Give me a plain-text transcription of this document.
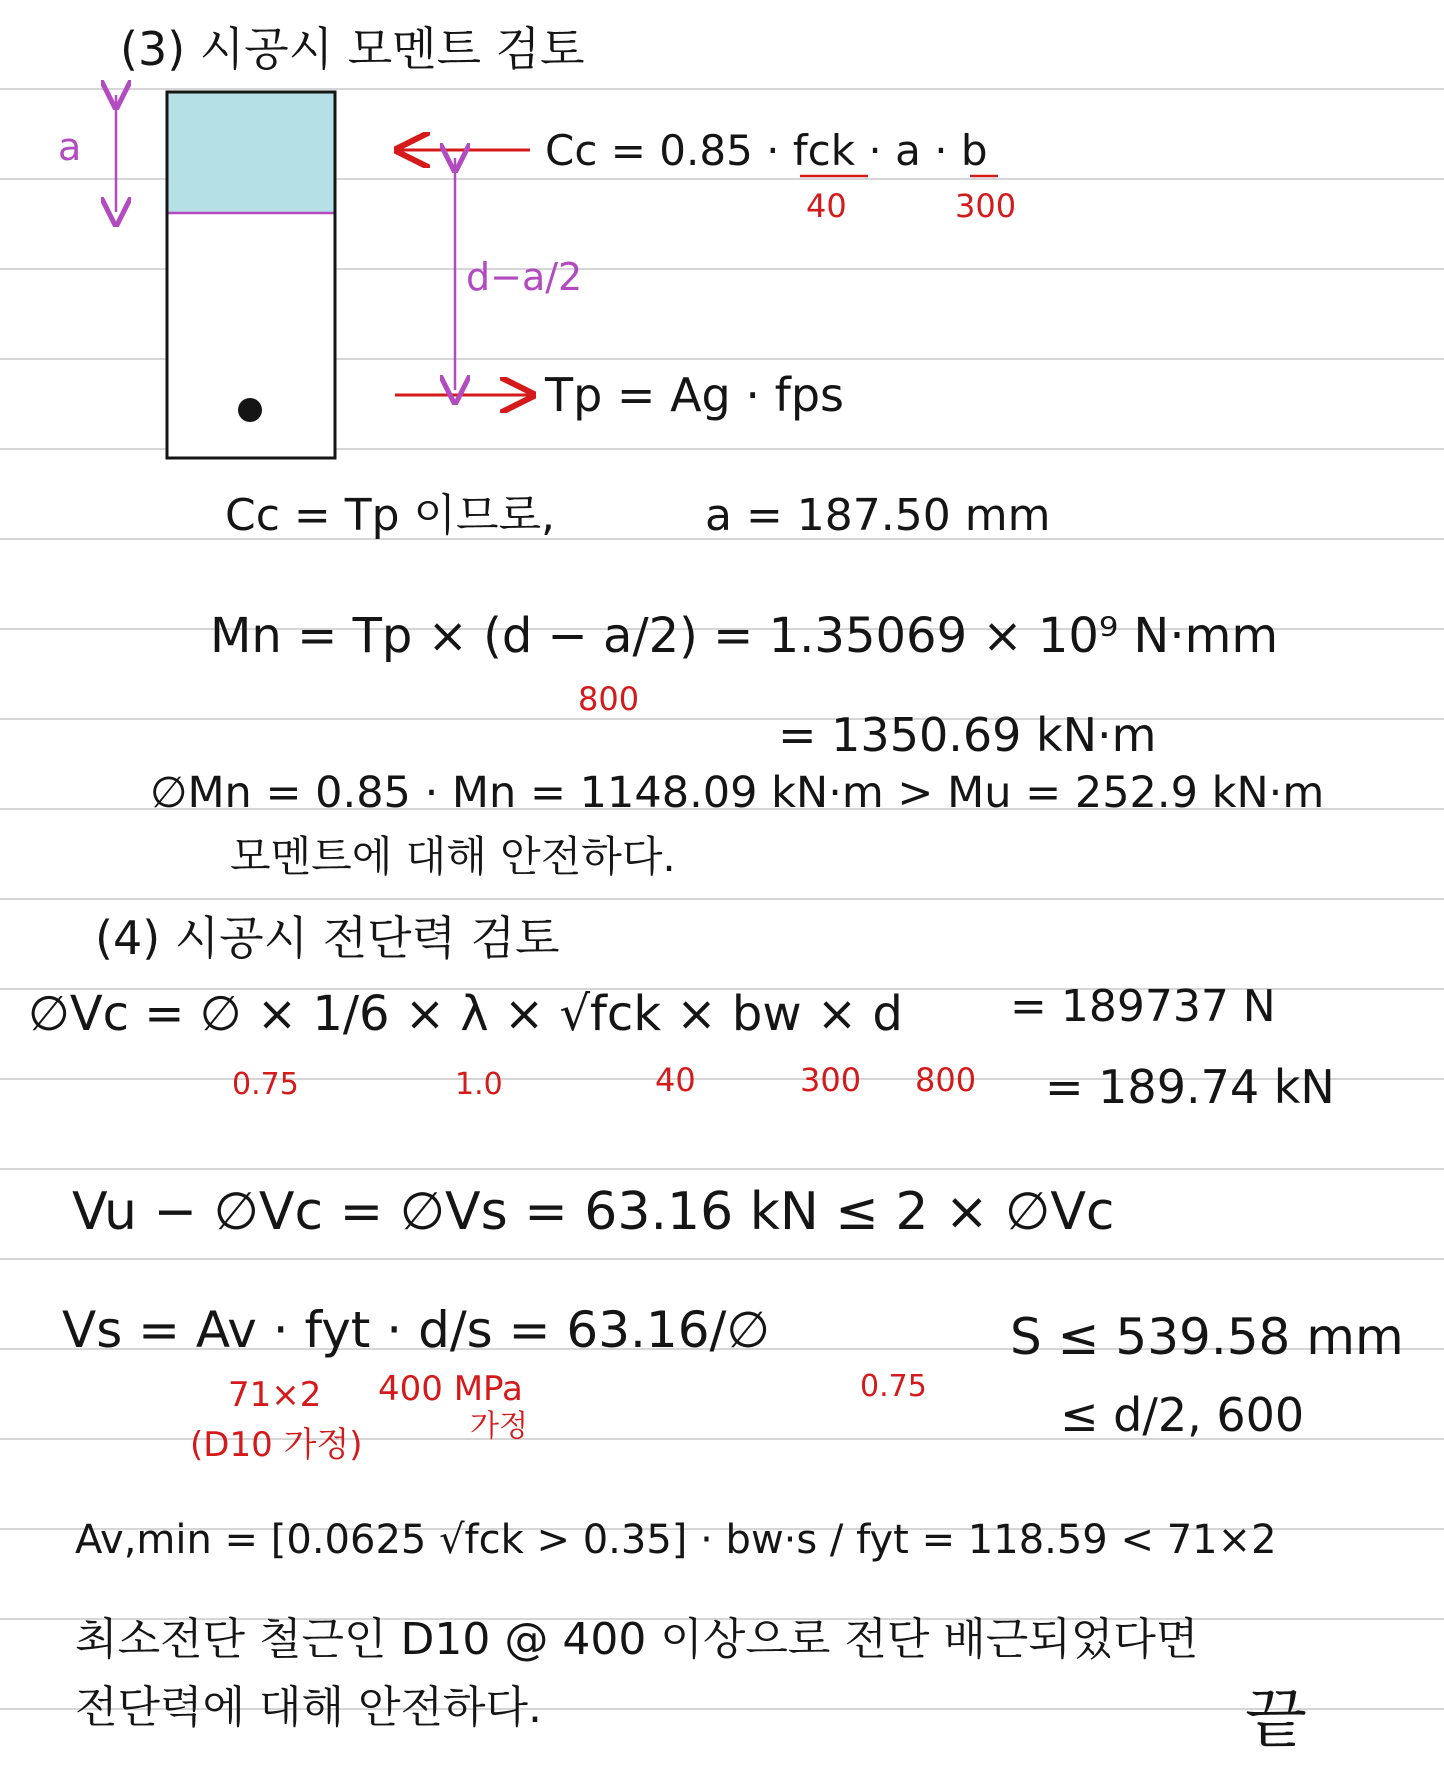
(3) 시공시 모멘트 검토
a
d−a/2
Cc = 0.85 · fck · a · b
40	300
Tp = Ag · fps
Cc = Tp 이므로,	a = 187.50 mm
Mn = Tp × (d − a/2) = 1.35069 × 10⁹ N·mm
800
= 1350.69 kN·m
∅Mn = 0.85 · Mn = 1148.09 kN·m > Mu = 252.9 kN·m
모멘트에 대해 안전하다.
(4) 시공시 전단력 검토
∅Vc = ∅ × 1/6 × λ × √fck × bw × d = 189737 N
= 189.74 kN
0.75	1.0	40	300 800
Vu − ∅Vc = ∅Vs = 63.16 kN ≤ 2 × ∅Vc
Vs = Av · fyt · d/s = 63.16/∅
71×2
(D10 가정)
400 MPa
가정
0.75
S ≤ 539.58 mm
≤ d/2, 600
Av,min = [0.0625 √fck > 0.35] · bw·s / fyt = 118.59 < 71×2
최소전단 철근인 D10 @ 400 이상으로 전단 배근되었다면
전단력에 대해 안전하다.	끝
